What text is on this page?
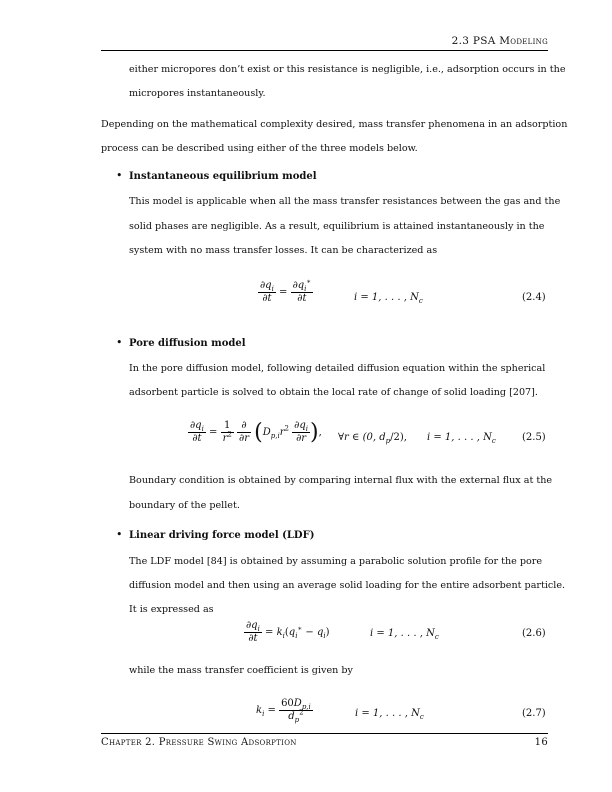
2.3 PSA Modeling
either micropores don’t exist or this resistance is negligible, i.e., adsorption occurs in the
micropores instantaneously.
Depending on the mathematical complexity desired, mass transfer phenomena in an adsorption
process can be described using either of the three models below.
• Instantaneous equilibrium model
This model is applicable when all the mass transfer resistances between the gas and the
solid phases are negligible. As a result, equilibrium is attained instantaneously in the
system with no mass transfer losses. It can be characterized as
$\frac{\partial q_i}{\partial t} = \frac{\partial q_i^∗}{\partial t}$	i = 1, . . . , $N_c$	(2.4)
• Pore diffusion model
In the pore diffusion model, following detailed diffusion equation within the spherical
adsorbent particle is solved to obtain the local rate of change of solid loading [207].
$\frac{\partial q_i}{\partial t} = \frac{1}{r^2}$
$\frac{\partial}{\partial r} (D_{p,i}r^2 \frac{\partial q_i}{\partial r}$ ), ∀r ∈ (0, $d_p/2$), i = 1, . . . , $N_c$	(2.5)
Boundary condition is obtained by comparing internal flux with the external flux at the
boundary of the pellet.
• Linear driving force model (LDF)
The LDF model [84] is obtained by assuming a parabolic solution profile for the pore
diffusion model and then using an average solid loading for the entire adsorbent particle.
It is expressed as
$\frac{\partial q_i}{\partial t} = k_i(q_i^∗ - q_i)$	i = 1, . . . , $N_c$	(2.6)
while the mass transfer coefficient is given by
$k_i = \frac{60D_{p,i}}{d_p^2}$	i = 1, . . . , $N_c$	(2.7)
Chapter 2. Pressure Swing Adsorption	16
